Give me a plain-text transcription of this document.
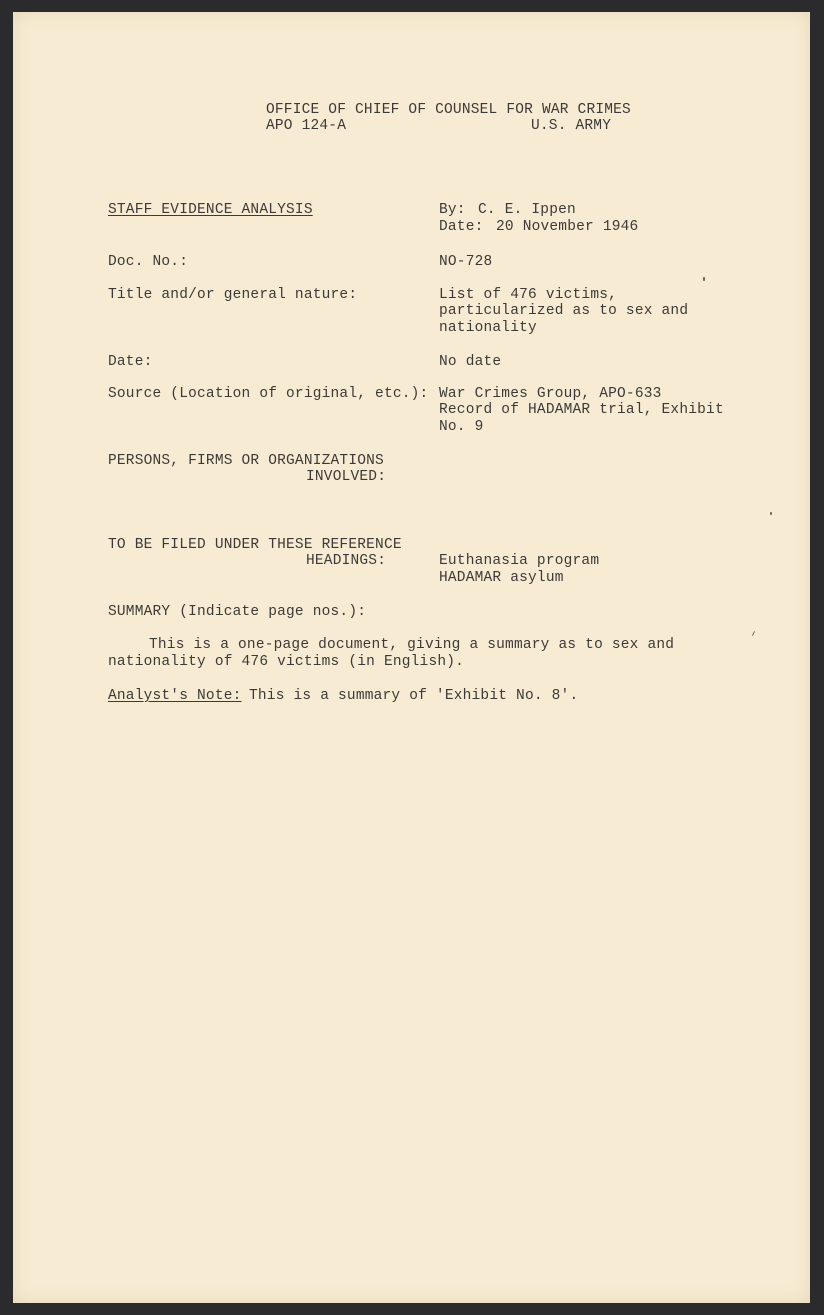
OFFICE OF CHIEF OF COUNSEL FOR WAR CRIMES
APO 124-A	U.S. ARMY
STAFF EVIDENCE ANALYSIS	By: C. E. Ippen
Date: 20 November 1946
Doc. No.:	NO-728
Title and/or general nature:	List of 476 victims,
particularized as to sex and
nationality
Date:	No date
Source (Location of original, etc.): War Crimes Group, APO-633
Record of HADAMAR trial, Exhibit
No. 9
PERSONS, FIRMS OR ORGANIZATIONS
INVOLVED:
TO BE FILED UNDER THESE REFERENCE
HEADINGS:	Euthanasia program
HADAMAR asylum
SUMMARY (Indicate page nos.):
This is a one-page document, giving a summary as to sex and
nationality of 476 victims (in English).
Analyst's Note: This is a summary of 'Exhibit No. 8'.
